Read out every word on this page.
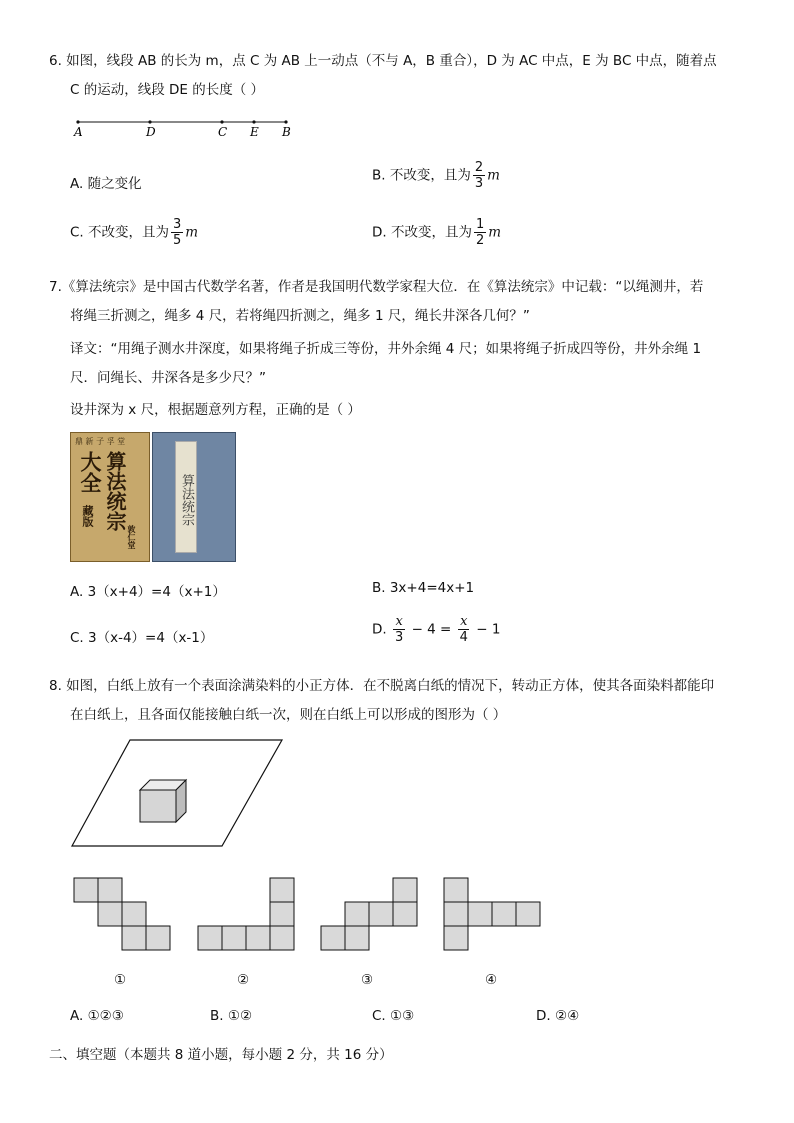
6. 如图，线段 AB 的长为 m，点 C 为 AB 上一动点（不与 A，B 重合），D 为 AC 中点，E 为 BC 中点，随着点
C 的运动，线段 DE 的长度（ ）
A	D	C E B
A. 随之变化
B. 不改变，且为 $\frac{2}{3}$ m
C. 不改变，且为 $\frac{3}{5}$ m	D. 不改变，且为 $\frac{1}{2}$ m
7.《算法统宗》是中国古代数学名著，作者是我国明代数学家程大位．在《算法统宗》中记载：“以绳测井，若
将绳三折测之，绳多 4 尺，若将绳四折测之，绳多 1 尺，绳长井深各几何？”
译文：“用绳子测水井深度，如果将绳子折成三等份，井外余绳 4 尺；如果将绳子折成四等份，井外余绳 1
尺．问绳长、井深各是多少尺？”
设井深为 x 尺，根据题意列方程，正确的是（ ）
鼎 新 子 孚 堂
大全 算法统宗
藏版
敦仁堂
算法统宗
A. 3（x+4）=4（x+1）	B. 3x+4=4x+1
C. 3（x-4）=4（x-1）
D. $\frac{x}{3} - 4 = \frac{x}{4} - 1$
8. 如图，白纸上放有一个表面涂满染料的小正方体．在不脱离白纸的情况下，转动正方体，使其各面染料都能印
在白纸上，且各面仅能接触白纸一次，则在白纸上可以形成的图形为（ ）
①	②	③	④
A. ①②③	B. ①②	C. ①③	D. ②④
二、填空题（本题共 8 道小题，每小题 2 分，共 16 分）
